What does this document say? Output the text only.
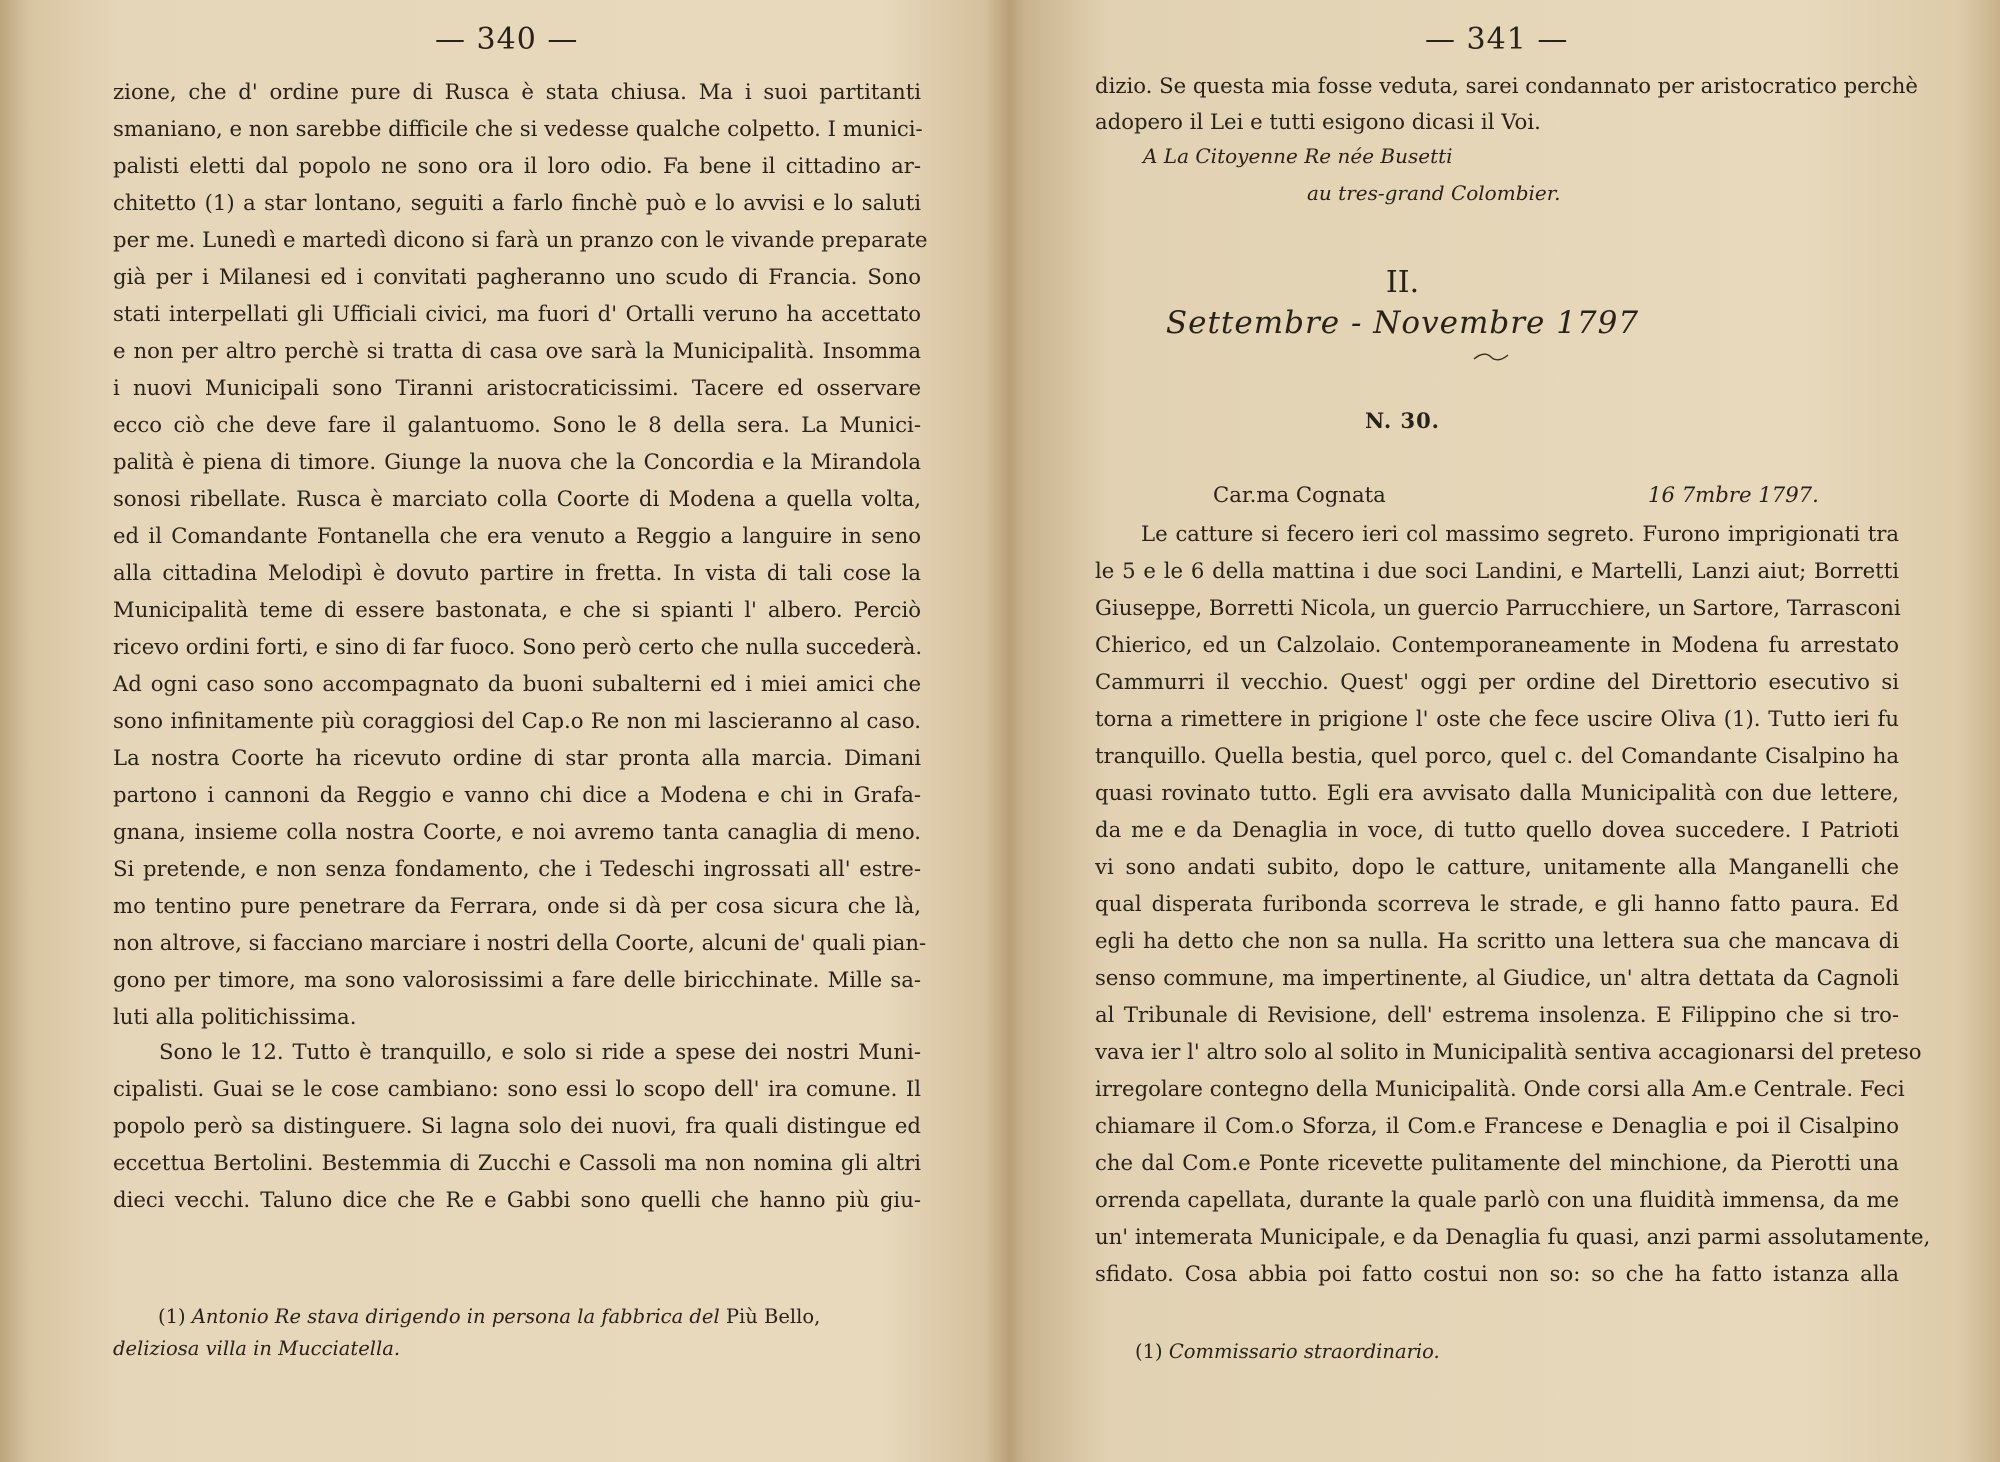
— 340 —
zione, che d' ordine pure di Rusca è stata chiusa. Ma i suoi partitanti
smaniano, e non sarebbe difficile che si vedesse qualche colpetto. I munici-
palisti eletti dal popolo ne sono ora il loro odio. Fa bene il cittadino ar-
chitetto (1) a star lontano, seguiti a farlo finchè può e lo avvisi e lo saluti
per me. Lunedì e martedì dicono si farà un pranzo con le vivande preparate
già per i Milanesi ed i convitati pagheranno uno scudo di Francia. Sono
stati interpellati gli Ufficiali civici, ma fuori d' Ortalli veruno ha accettato
e non per altro perchè si tratta di casa ove sarà la Municipalità. Insomma
i nuovi Municipali sono Tiranni aristocraticissimi. Tacere ed osservare
ecco ciò che deve fare il galantuomo. Sono le 8 della sera. La Munici-
palità è piena di timore. Giunge la nuova che la Concordia e la Mirandola
sonosi ribellate. Rusca è marciato colla Coorte di Modena a quella volta,
ed il Comandante Fontanella che era venuto a Reggio a languire in seno
alla cittadina Melodipì è dovuto partire in fretta. In vista di tali cose la
Municipalità teme di essere bastonata, e che si spianti l' albero. Perciò
ricevo ordini forti, e sino di far fuoco. Sono però certo che nulla succederà.
Ad ogni caso sono accompagnato da buoni subalterni ed i miei amici che
sono infinitamente più coraggiosi del Cap.o Re non mi lascieranno al caso.
La nostra Coorte ha ricevuto ordine di star pronta alla marcia. Dimani
partono i cannoni da Reggio e vanno chi dice a Modena e chi in Grafa-
gnana, insieme colla nostra Coorte, e noi avremo tanta canaglia di meno.
Si pretende, e non senza fondamento, che i Tedeschi ingrossati all' estre-
mo tentino pure penetrare da Ferrara, onde si dà per cosa sicura che là,
non altrove, si facciano marciare i nostri della Coorte, alcuni de' quali pian-
gono per timore, ma sono valorosissimi a fare delle biricchinate. Mille sa-
luti alla politichissima.
Sono le 12. Tutto è tranquillo, e solo si ride a spese dei nostri Muni-
cipalisti. Guai se le cose cambiano: sono essi lo scopo dell' ira comune. Il
popolo però sa distinguere. Si lagna solo dei nuovi, fra quali distingue ed
eccettua Bertolini. Bestemmia di Zucchi e Cassoli ma non nomina gli altri
dieci vecchi. Taluno dice che Re e Gabbi sono quelli che hanno più giu-
(1) Antonio Re stava dirigendo in persona la fabbrica del Più Bello,
deliziosa villa in Mucciatella.
— 341 —
dizio. Se questa mia fosse veduta, sarei condannato per aristocratico perchè
adopero il Lei e tutti esigono dicasi il Voi.
A La Citoyenne Re née Busetti
au tres-grand Colombier.
II.
Settembre - Novembre 1797
N. 30.
Car.ma Cognata	16 7mbre 1797.
Le catture si fecero ieri col massimo segreto. Furono imprigionati tra
le 5 e le 6 della mattina i due soci Landini, e Martelli, Lanzi aiut; Borretti
Giuseppe, Borretti Nicola, un guercio Parrucchiere, un Sartore, Tarrasconi
Chierico, ed un Calzolaio. Contemporaneamente in Modena fu arrestato
Cammurri il vecchio. Quest' oggi per ordine del Direttorio esecutivo si
torna a rimettere in prigione l' oste che fece uscire Oliva (1). Tutto ieri fu
tranquillo. Quella bestia, quel porco, quel c. del Comandante Cisalpino ha
quasi rovinato tutto. Egli era avvisato dalla Municipalità con due lettere,
da me e da Denaglia in voce, di tutto quello dovea succedere. I Patrioti
vi sono andati subito, dopo le catture, unitamente alla Manganelli che
qual disperata furibonda scorreva le strade, e gli hanno fatto paura. Ed
egli ha detto che non sa nulla. Ha scritto una lettera sua che mancava di
senso commune, ma impertinente, al Giudice, un' altra dettata da Cagnoli
al Tribunale di Revisione, dell' estrema insolenza. E Filippino che si tro-
vava ier l' altro solo al solito in Municipalità sentiva accagionarsi del preteso
irregolare contegno della Municipalità. Onde corsi alla Am.e Centrale. Feci
chiamare il Com.o Sforza, il Com.e Francese e Denaglia e poi il Cisalpino
che dal Com.e Ponte ricevette pulitamente del minchione, da Pierotti una
orrenda capellata, durante la quale parlò con una fluidità immensa, da me
un' intemerata Municipale, e da Denaglia fu quasi, anzi parmi assolutamente,
sfidato. Cosa abbia poi fatto costui non so: so che ha fatto istanza alla
(1) Commissario straordinario.
